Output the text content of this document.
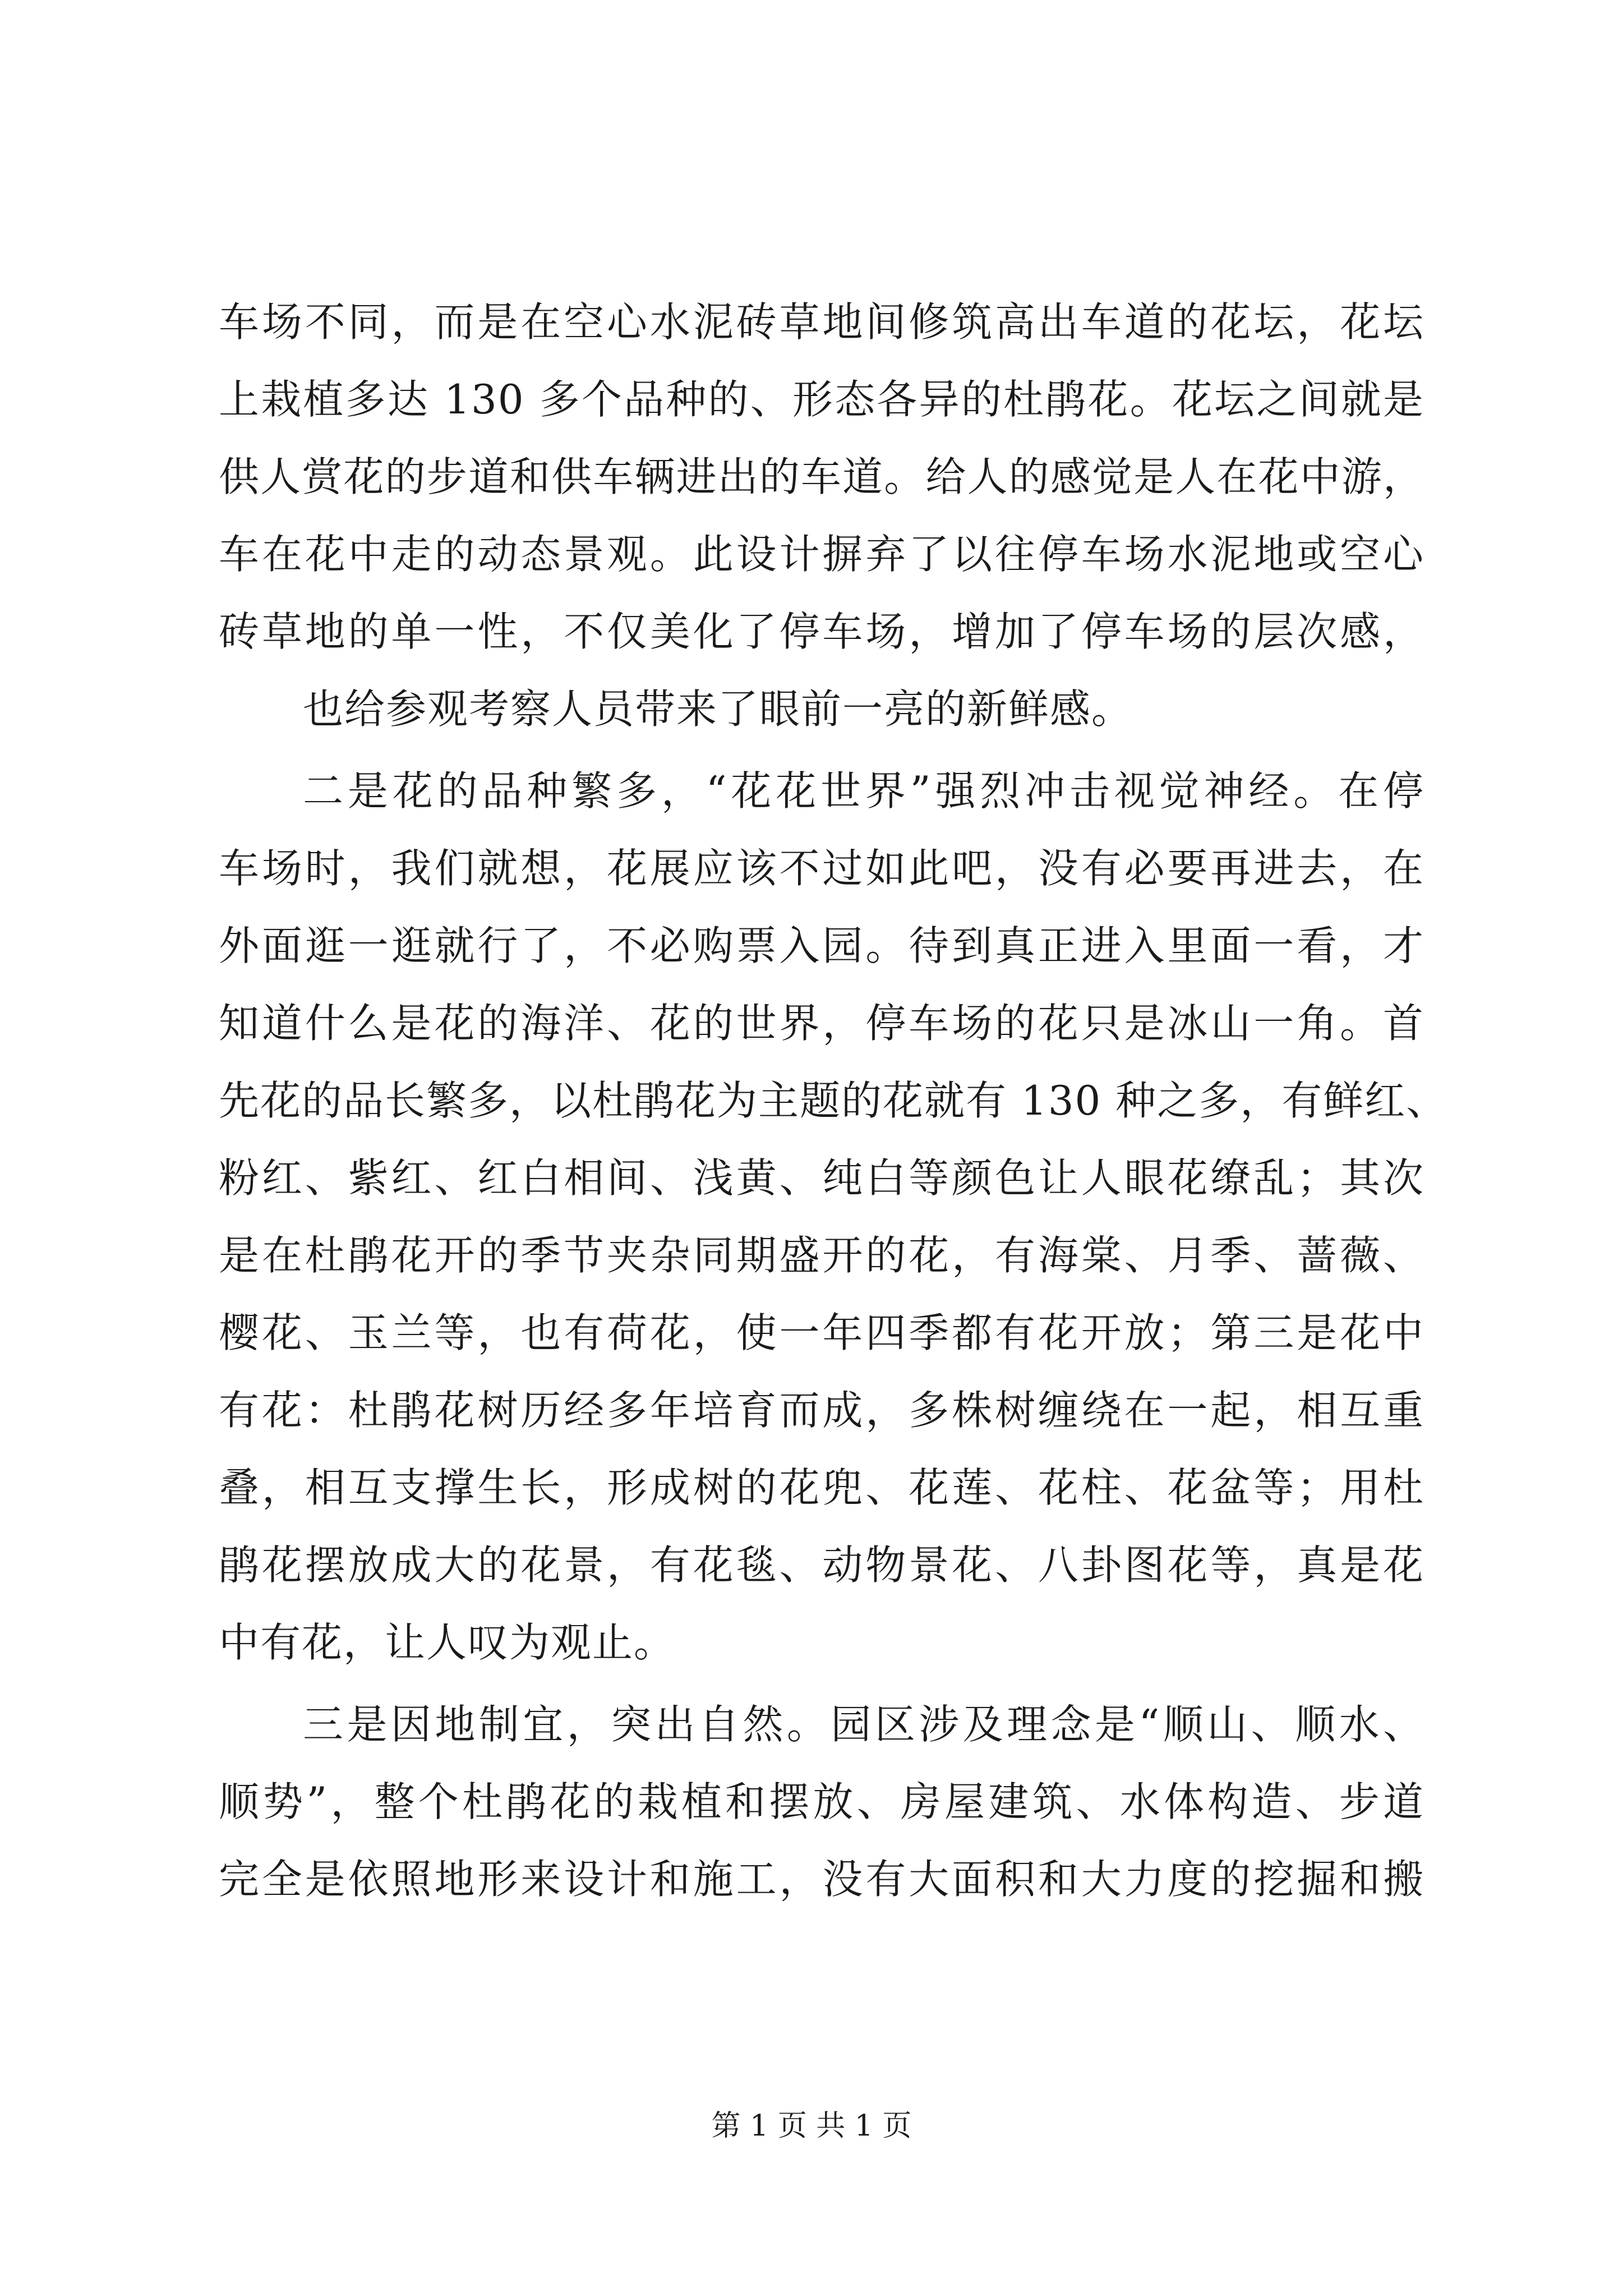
车场不同，而是在空心水泥砖草地间修筑高出车道的花坛，花坛
上栽植多达 130 多个品种的、形态各异的杜鹃花。花坛之间就是
供人赏花的步道和供车辆进出的车道。给人的感觉是人在花中游，
车在花中走的动态景观。此设计摒弃了以往停车场水泥地或空心
砖草地的单一性，不仅美化了停车场，增加了停车场的层次感，
也给参观考察人员带来了眼前一亮的新鲜感。
二是花的品种繁多，“花花世界”强烈冲击视觉神经。在停
车场时，我们就想，花展应该不过如此吧，没有必要再进去，在
外面逛一逛就行了，不必购票入园。待到真正进入里面一看，才
知道什么是花的海洋、花的世界，停车场的花只是冰山一角。首
先花的品长繁多，以杜鹃花为主题的花就有 130 种之多，有鲜红、
粉红、紫红、红白相间、浅黄、纯白等颜色让人眼花缭乱；其次
是在杜鹃花开的季节夹杂同期盛开的花，有海棠、月季、蔷薇、
樱花、玉兰等，也有荷花，使一年四季都有花开放；第三是花中
有花：杜鹃花树历经多年培育而成，多株树缠绕在一起，相互重
叠，相互支撑生长，形成树的花兜、花莲、花柱、花盆等；用杜
鹃花摆放成大的花景，有花毯、动物景花、八卦图花等，真是花
中有花，让人叹为观止。
三是因地制宜，突出自然。园区涉及理念是“顺山、顺水、
顺势”，整个杜鹃花的栽植和摆放、房屋建筑、水体构造、步道
完全是依照地形来设计和施工，没有大面积和大力度的挖掘和搬
第 1 页 共 1 页
